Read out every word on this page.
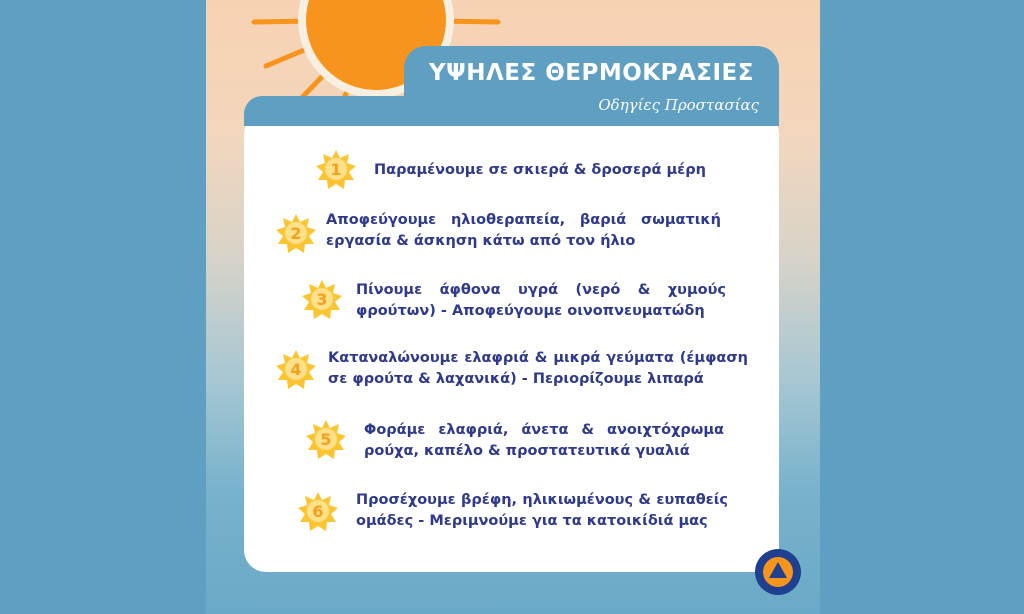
ΥΨΗΛΕΣ ΘΕΡΜΟΚΡΑΣΙΕΣ
Οδηγίες Προστασίας
1	Παραμένουμε σε σκιερά & δροσερά μέρη
2
Αποφεύγουμε ηλιοθεραπεία, βαριά σωματική εργασία & άσκηση κάτω από τον ήλιο
3	Πίνουμε άφθονα υγρά (νερό & χυμούς φρούτων) - Αποφεύγουμε οινοπνευματώδη
4
Καταναλώνουμε ελαφριά & μικρά γεύματα (έμφαση σε φρούτα & λαχανικά) - Περιορίζουμε λιπαρά
5	Φοράμε ελαφριά, άνετα & ανοιχτόχρωμα ρούχα, καπέλο & προστατευτικά γυαλιά
6
Προσέχουμε βρέφη, ηλικιωμένους & ευπαθείς ομάδες - Μεριμνούμε για τα κατοικίδιά μας
